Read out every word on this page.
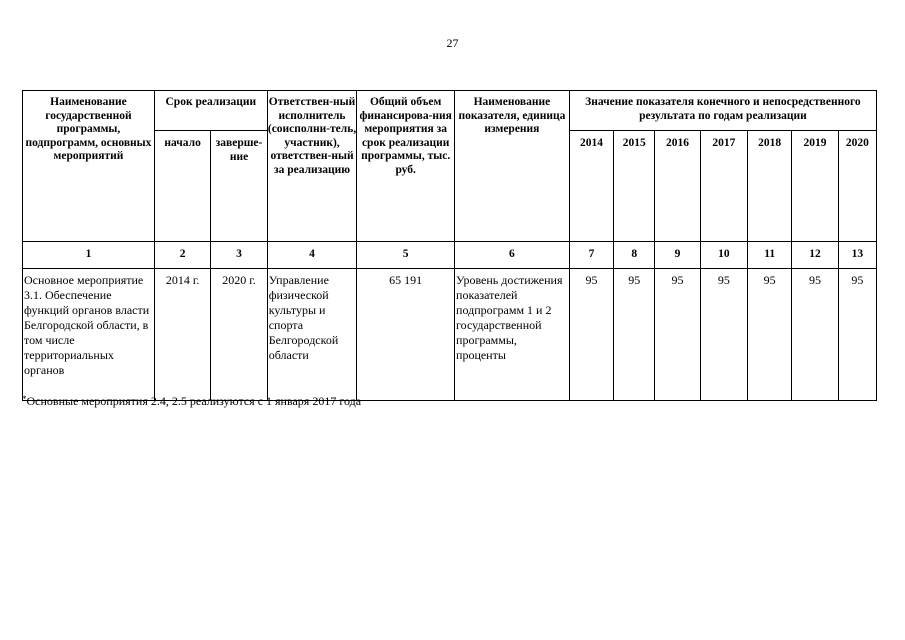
27
Наименование государственной программы, подпрограмм, основных мероприятий	Срок реализации		Ответствен-ный исполнитель (соисполни-тель, участник), ответствен-ный за реализацию	Общий объем финансирова-ния мероприятия за срок реализации программы, тыс. руб.	Наименование показателя, единица измерения	Значение показателя конечного и непосредственного результата по годам реализации						
	начало	заверше-ние				2014	2015	2016	2017	2018	2019	2020
1	2	3	4	5	6	7	8	9	10	11	12	13
Основное мероприятие 3.1. Обеспечение функций органов власти Белгородской области, в том числе территориальных органов	2014 г.	2020 г.	Управление физической культуры и спорта Белгородской области	65 191	Уровень достижения показателей подпрограмм 1 и 2 государственной программы, проценты	95	95	95	95	95	95	95
*Основные мероприятия 2.4, 2.5 реализуются с 1 января 2017 года
